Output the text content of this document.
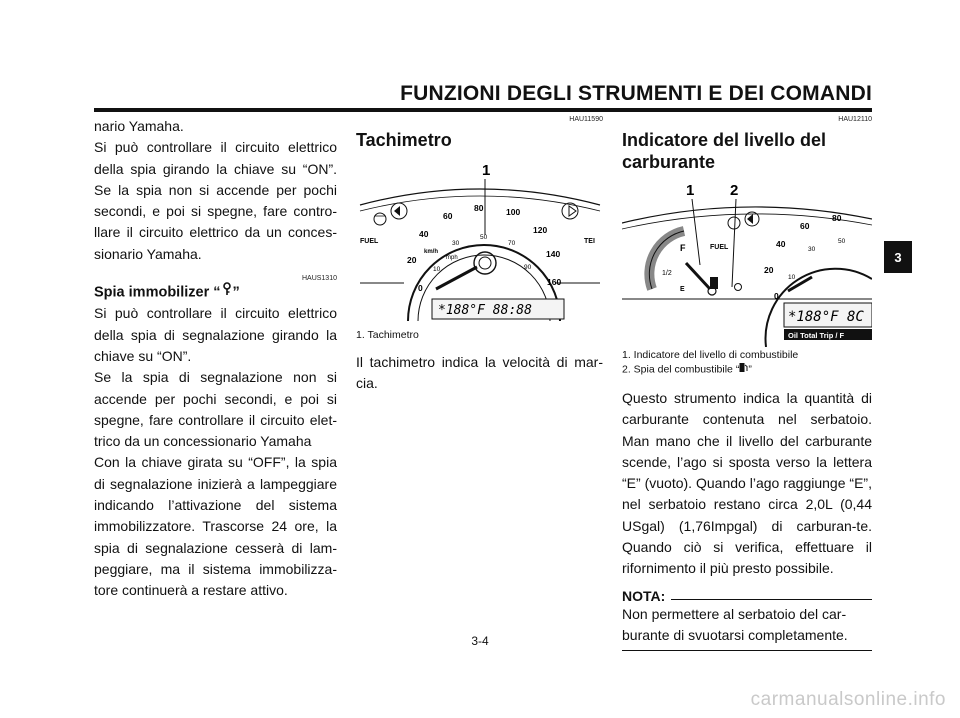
FUNZIONI DEGLI STRUMENTI E DEI COMANDI

nario Yamaha.

Si può controllare il circuito elettrico della spia girando la chiave su “ON”. Se la spia non si accende per pochi secondi, e poi si spegne, fare contro-llare il circuito elettrico da un conces-sionario Yamaha.

HAUS1310

Spia immobilizer “ ”

Si può controllare il circuito elettrico della spia di segnalazione girando la chiave su “ON”.

Se la spia di segnalazione non si accende per pochi secondi, e poi si spegne, fare controllare il circuito elet-trico da un concessionario Yamaha

Con la chiave girata su “OFF”, la spia di segnalazione inizierà a lampeggiare indicando l’attivazione del sistema immobilizzatore. Trascorse 24 ore, la spia di segnalazione cesserà di lam-peggiare, ma il sistema immobilizza-tore continuerà a restare attivo.

HAU11590

Tachimetro

1
0
20
40
60
80	100
120
140
160
10
30
50
70
90
km/h
mph
FUEL	TEI
*188°F 88:88

1. Tachimetro

Il tachimetro indica la velocità di mar-cia.

HAU12110

Indicatore del livello del carburante

1 2
F
1/2
FUEL
E
0
20
40
60
80
10
30
50
*188°F 8C
Oil Total Trip / F

1. Indicatore del livello di combustibile

2. Spia del combustibile “ ”

Questo strumento indica la quantità di carburante contenuta nel serbatoio. Man mano che il livello del carburante scende, l’ago si sposta verso la lettera “E” (vuoto). Quando l’ago raggiunge “E”, nel serbatoio restano circa 2,0L (0,44 USgal) (1,76Impgal) di carburan-te. Quando ciò si verifica, effettuare il rifornimento il più presto possibile.

NOTA:

Non permettere al serbatoio del car-burante di svuotarsi completamente.

3
3-4
carmanualsonline.info
